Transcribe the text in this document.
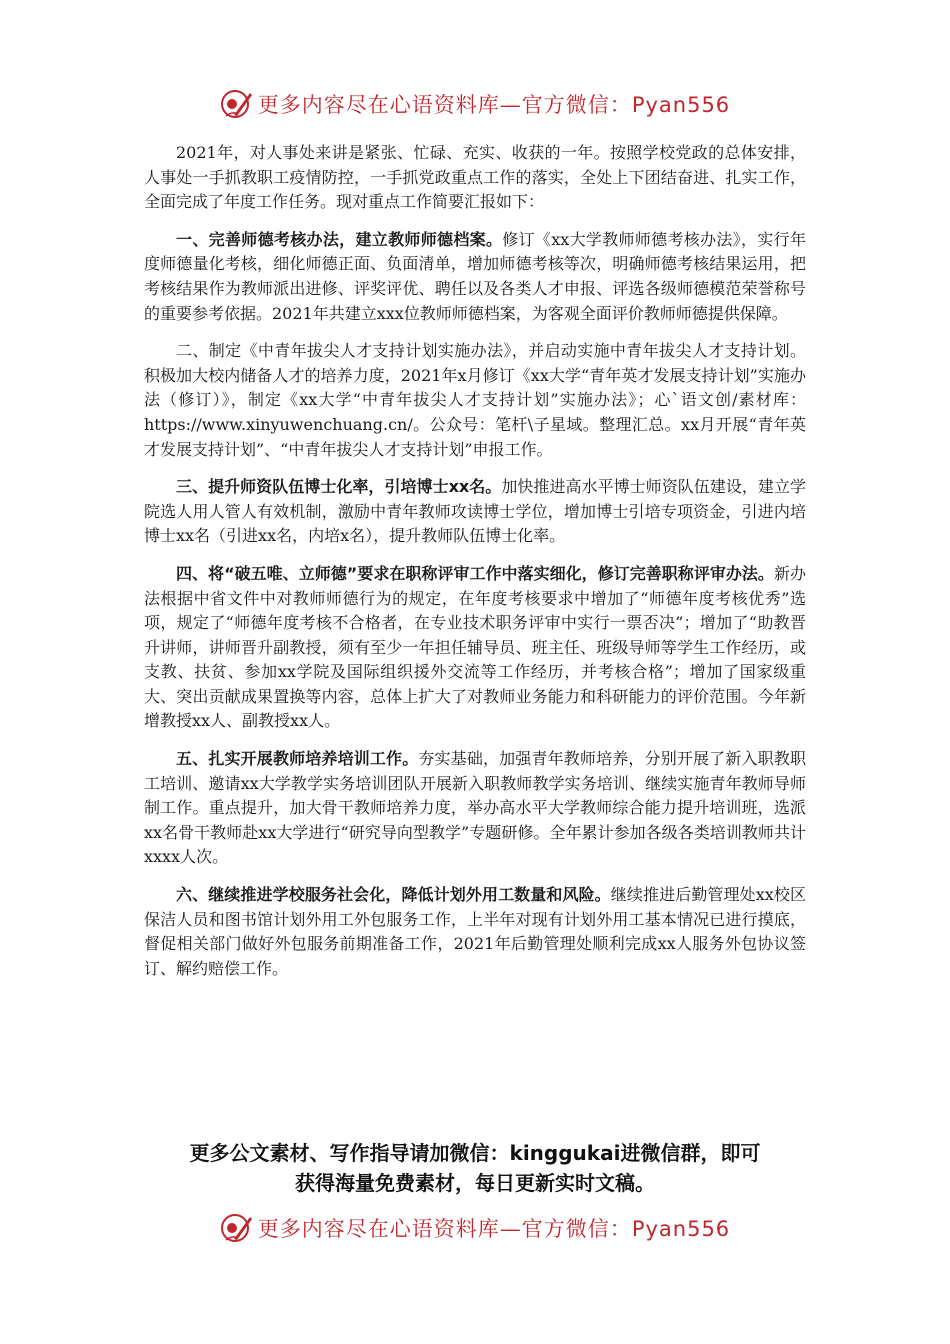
更多内容尽在心语资料库—官方微信：Pyan556

2021年，对人事处来讲是紧张、忙碌、充实、收获的一年。按照学校党政的总体安排，人事处一手抓教职工疫情防控，一手抓党政重点工作的落实，全处上下团结奋进、扎实工作，全面完成了年度工作任务。现对重点工作简要汇报如下：

一、完善师德考核办法，建立教师师德档案。修订《xx大学教师师德考核办法》，实行年度师德量化考核，细化师德正面、负面清单，增加师德考核等次，明确师德考核结果运用，把考核结果作为教师派出进修、评奖评优、聘任以及各类人才申报、评选各级师德模范荣誉称号的重要参考依据。2021年共建立xxx位教师师德档案，为客观全面评价教师师德提供保障。

二、制定《中青年拔尖人才支持计划实施办法》，并启动实施中青年拔尖人才支持计划。积极加大校内储备人才的培养力度，2021年x月修订《xx大学“青年英才发展支持计划”实施办法（修订）》，制定《xx大学“中青年拔尖人才支持计划”实施办法》；心`语文创/素材库：https://www.xinyuwenchuang.cn/。公众号：笔杆\子星域。整理汇总。xx月开展“青年英才发展支持计划”、“中青年拔尖人才支持计划”申报工作。

三、提升师资队伍博士化率，引培博士xx名。加快推进高水平博士师资队伍建设，建立学院选人用人管人有效机制，激励中青年教师攻读博士学位，增加博士引培专项资金，引进内培博士xx名（引进xx名，内培x名），提升教师队伍博士化率。

四、将“破五唯、立师德”要求在职称评审工作中落实细化，修订完善职称评审办法。新办法根据中省文件中对教师师德行为的规定，在年度考核要求中增加了“师德年度考核优秀”选项，规定了“师德年度考核不合格者，在专业技术职务评审中实行一票否决”；增加了“助教晋升讲师，讲师晋升副教授，须有至少一年担任辅导员、班主任、班级导师等学生工作经历，或支教、扶贫、参加xx学院及国际组织援外交流等工作经历，并考核合格”；增加了国家级重大、突出贡献成果置换等内容，总体上扩大了对教师业务能力和科研能力的评价范围。今年新增教授xx人、副教授xx人。

五、扎实开展教师培养培训工作。夯实基础，加强青年教师培养，分别开展了新入职教职工培训、邀请xx大学教学实务培训团队开展新入职教师教学实务培训、继续实施青年教师导师制工作。重点提升，加大骨干教师培养力度，举办高水平大学教师综合能力提升培训班，选派xx名骨干教师赴xx大学进行“研究导向型教学”专题研修。全年累计参加各级各类培训教师共计xxxx人次。

六、继续推进学校服务社会化，降低计划外用工数量和风险。继续推进后勤管理处xx校区保洁人员和图书馆计划外用工外包服务工作，上半年对现有计划外用工基本情况已进行摸底，督促相关部门做好外包服务前期准备工作，2021年后勤管理处顺利完成xx人服务外包协议签订、解约赔偿工作。

更多公文素材、写作指导请加微信：kinggukai进微信群，即可
获得海量免费素材，每日更新实时文稿。
更多内容尽在心语资料库—官方微信：Pyan556
